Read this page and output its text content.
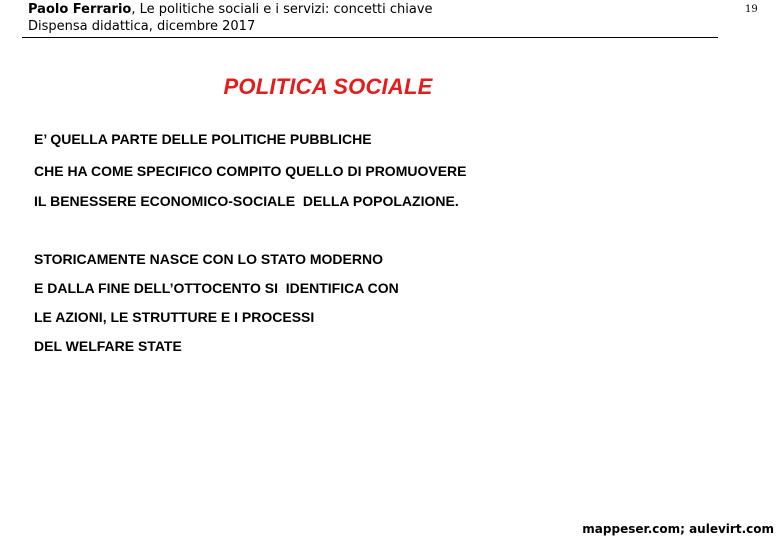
Paolo Ferrario, Le politiche sociali e i servizi: concetti chiave
Dispensa didattica, dicembre 2017
19
POLITICA SOCIALE
E’ QUELLA PARTE DELLE POLITICHE PUBBLICHE
CHE HA COME SPECIFICO COMPITO QUELLO DI PROMUOVERE
IL BENESSERE ECONOMICO-SOCIALE  DELLA POPOLAZIONE.
STORICAMENTE NASCE CON LO STATO MODERNO
E DALLA FINE DELL’OTTOCENTO SI  IDENTIFICA CON
LE AZIONI, LE STRUTTURE E I PROCESSI
DEL WELFARE STATE
mappeser.com; aulevirt.com
